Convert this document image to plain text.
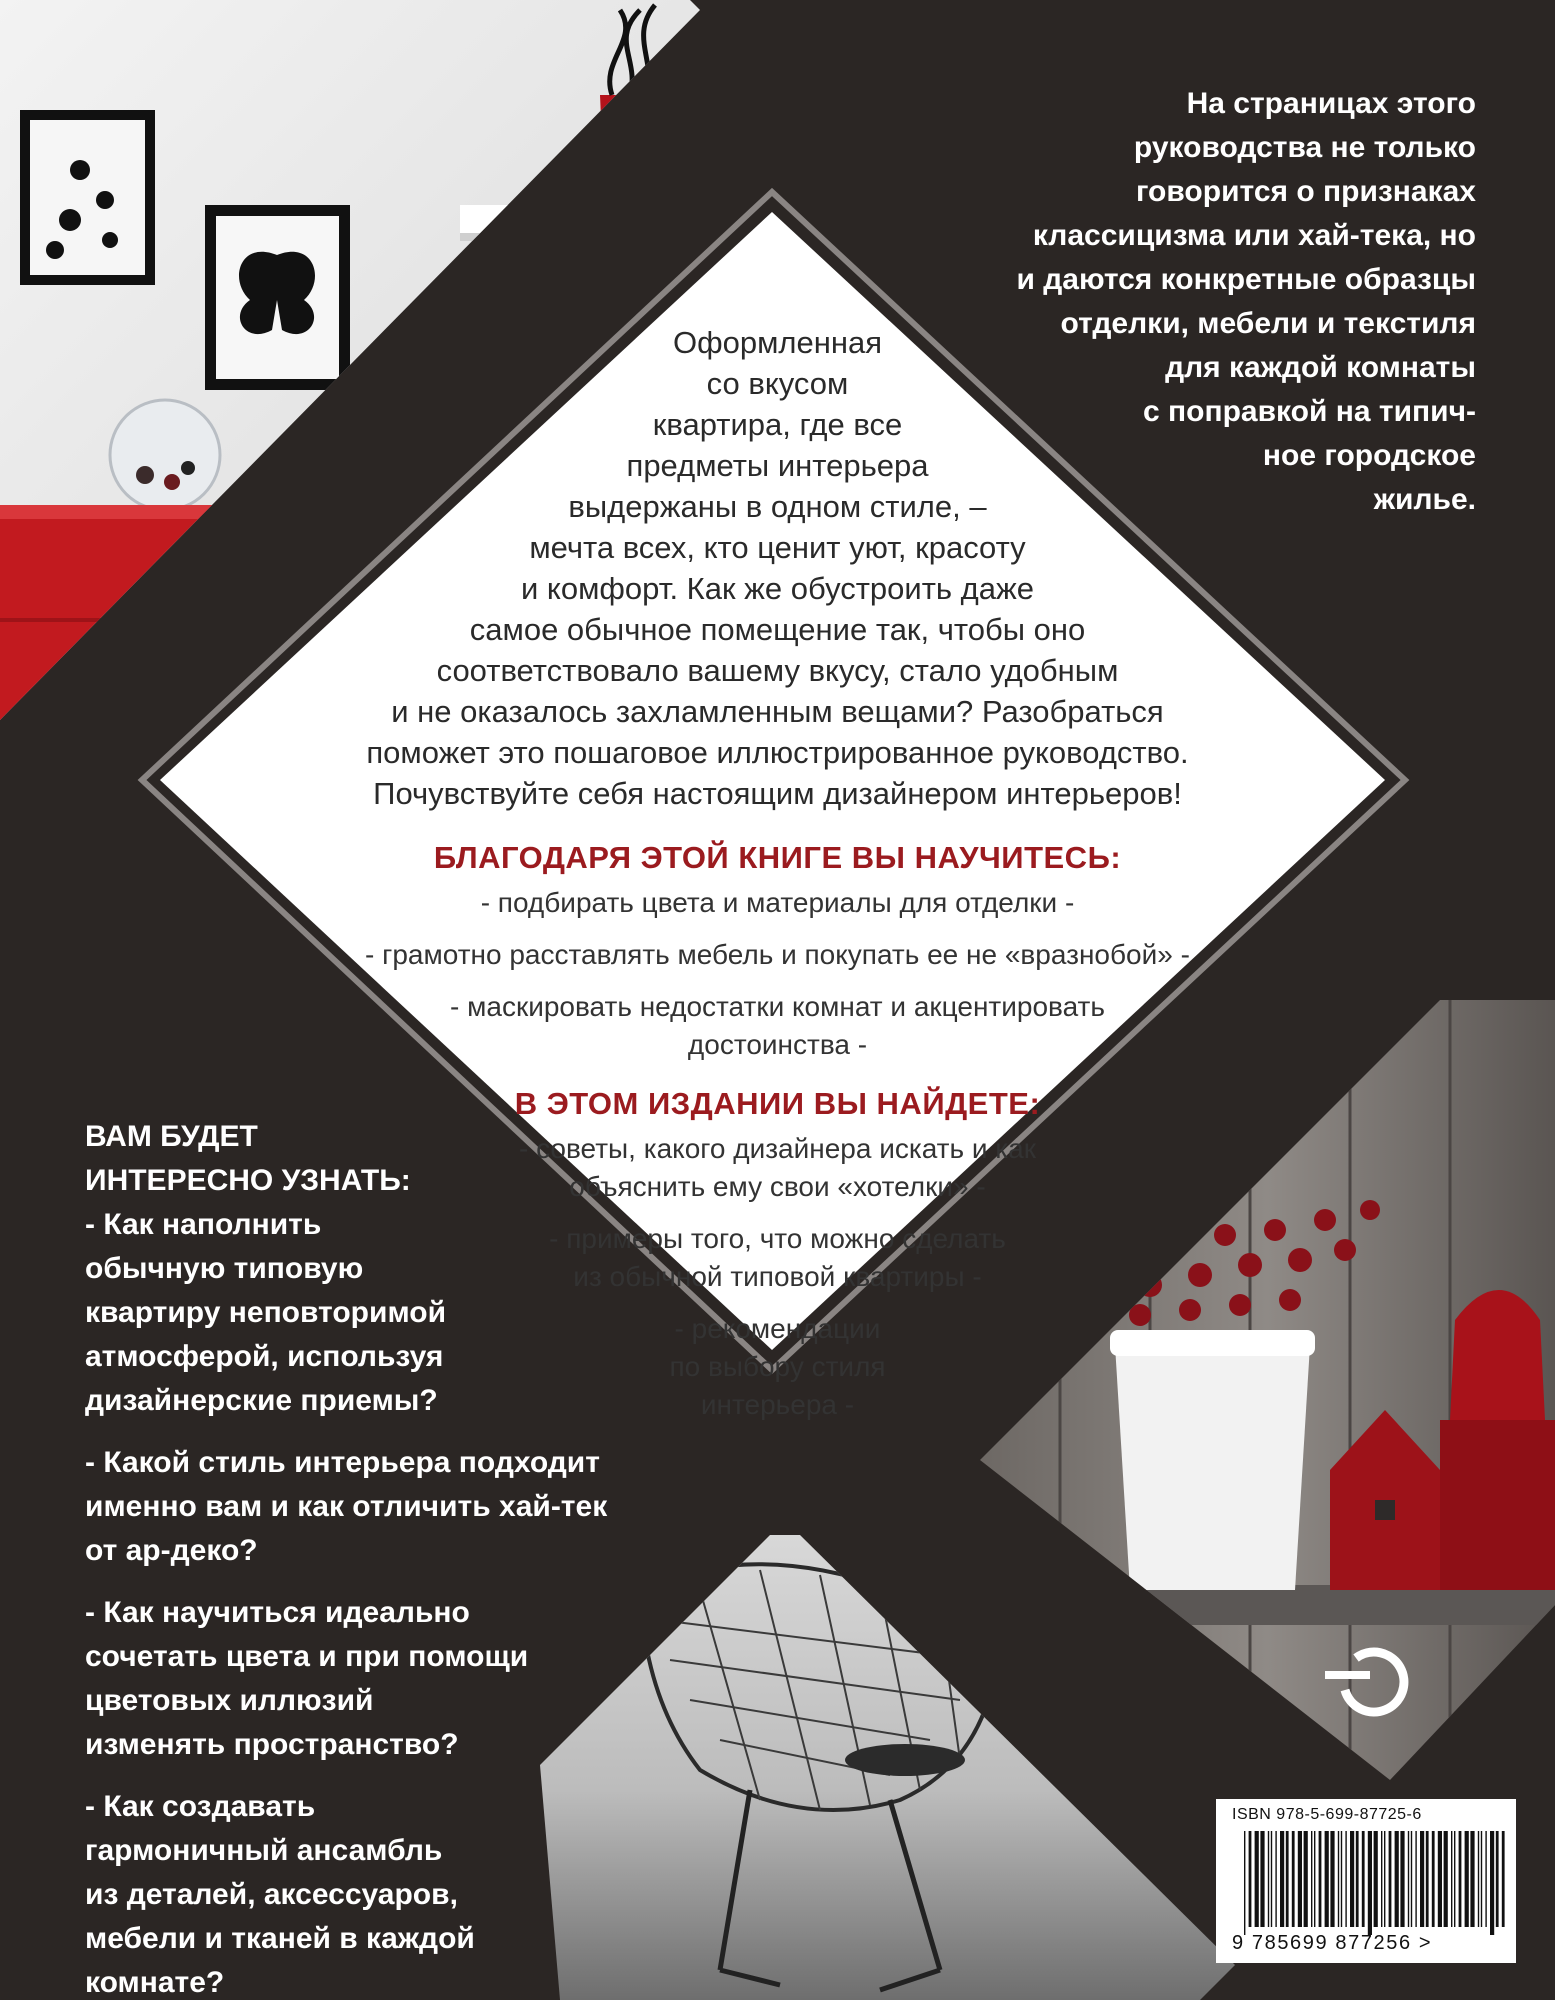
На страницах этого
руководства не только
говорится о признаках
классицизма или хай-тека, но
и даются конкретные образцы
отделки, мебели и текстиля
для каждой комнаты
с поправкой на типич-
ное городское
жилье.
Оформленная
со вкусом
квартира, где все
предметы интерьера
выдержаны в одном стиле, –
мечта всех, кто ценит уют, красоту
и комфорт. Как же обустроить даже
самое обычное помещение так, чтобы оно
соответствовало вашему вкусу, стало удобным
и не оказалось захламленным вещами? Разобраться
поможет это пошаговое иллюстрированное руководство.
Почувствуйте себя настоящим дизайнером интерьеров!
БЛАГОДАРЯ ЭТОЙ КНИГЕ ВЫ НАУЧИТЕСЬ:
- подбирать цвета и материалы для отделки -
- грамотно расставлять мебель и покупать ее не «вразнобой» -
- маскировать недостатки комнат и акцентировать
достоинства -
В ЭТОМ ИЗДАНИИ ВЫ НАЙДЕТЕ:
- советы, какого дизайнера искать и как
объяснить ему свои «хотелки» -
- примеры того, что можно сделать
из обычной типовой квартиры -
- рекомендации
по выбору стиля
интерьера -
ВАМ БУДЕТ
ИНТЕРЕСНО УЗНАТЬ:
- Как наполнить
обычную типовую
квартиру неповторимой
атмосферой, используя
дизайнерские приемы?
- Какой стиль интерьера подходит
именно вам и как отличить хай-тек
от ар-деко?
- Как научиться идеально
сочетать цвета и при помощи
цветовых иллюзий
изменять пространство?
- Как создавать
гармоничный ансамбль
из деталей, аксессуаров,
мебели и тканей в каждой
комнате?
ISBN 978-5-699-87725-6
9 785699 877256 >
